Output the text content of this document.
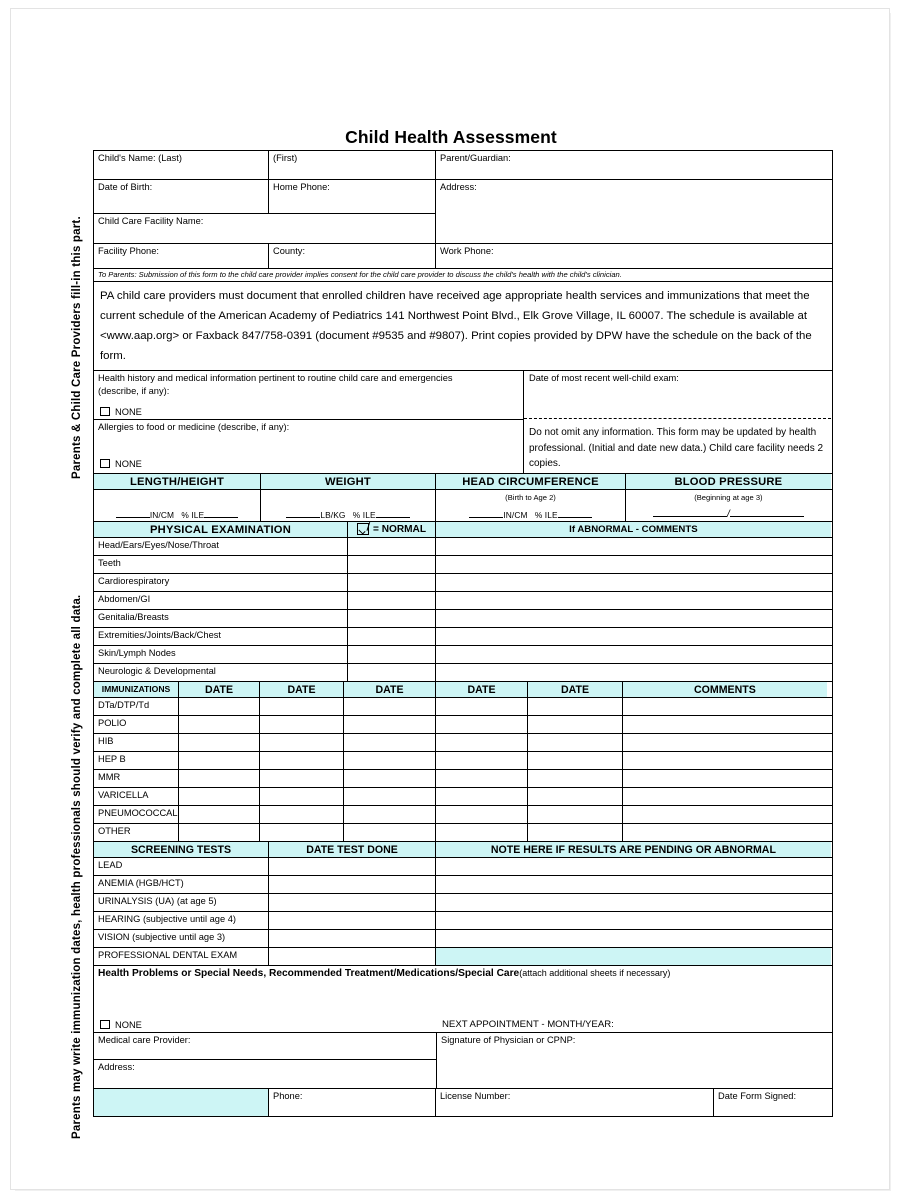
Parents & Child Care Providers fill-in this part.
Parents may write immunization dates, health professionals should verify and complete all data.
Child Health Assessment
Child's Name: (Last)	(First)	Parent/Guardian:
Date of Birth:	Home Phone:
Child Care Facility Name:
Address:
Facility Phone:	County:	Work Phone:
To Parents: Submission of this form to the child care provider implies consent for the child care provider to discuss the child's health with the child's clinician.
PA child care providers must document that enrolled children have received age appropriate health services and immunizations that meet the current schedule of the American Academy of Pediatrics 141 Northwest Point Blvd., Elk Grove Village, IL 60007. The schedule is available at <www.aap.org> or Faxback 847/758-0391 (document #9535 and #9807). Print copies provided by DPW have the schedule on the back of the form.
Health history and medical information pertinent to routine child care and emergencies
(describe, if any):
NONE
Allergies to food or medicine (describe, if any):
NONE
Date of most recent well-child exam:
Do not omit any information. This form may be updated by health professional. (Initial and date new data.) Child care facility needs 2 copies.
LENGTH/HEIGHT	WEIGHT	HEAD CIRCUMFERENCE	BLOOD PRESSURE
IN/CM % ILE	LB/KG % ILE
(Birth to Age 2)
IN/CM % ILE
(Beginning at age 3)
/
PHYSICAL EXAMINATION	= NORMAL	If ABNORMAL - COMMENTS
Head/Ears/Eyes/Nose/Throat
Teeth
Cardiorespiratory
Abdomen/GI
Genitalia/Breasts
Extremities/Joints/Back/Chest
Skin/Lymph Nodes
Neurologic & Developmental
IMMUNIZATIONS	DATE	DATE	DATE	DATE	DATE	COMMENTS
DTa/DTP/Td
POLIO
HIB
HEP B
MMR
VARICELLA
PNEUMOCOCCAL
OTHER
SCREENING TESTS	DATE TEST DONE	NOTE HERE IF RESULTS ARE PENDING OR ABNORMAL
LEAD
ANEMIA (HGB/HCT)
URINALYSIS (UA) (at age 5)
HEARING (subjective until age 4)
VISION (subjective until age 3)
PROFESSIONAL DENTAL EXAM
Health Problems or Special Needs, Recommended Treatment/Medications/Special Care(attach additional sheets if necessary)
NONE	NEXT APPOINTMENT - MONTH/YEAR:
Medical care Provider:
Address:
Signature of Physician or CPNP:
Phone:	License Number:	Date Form Signed:
